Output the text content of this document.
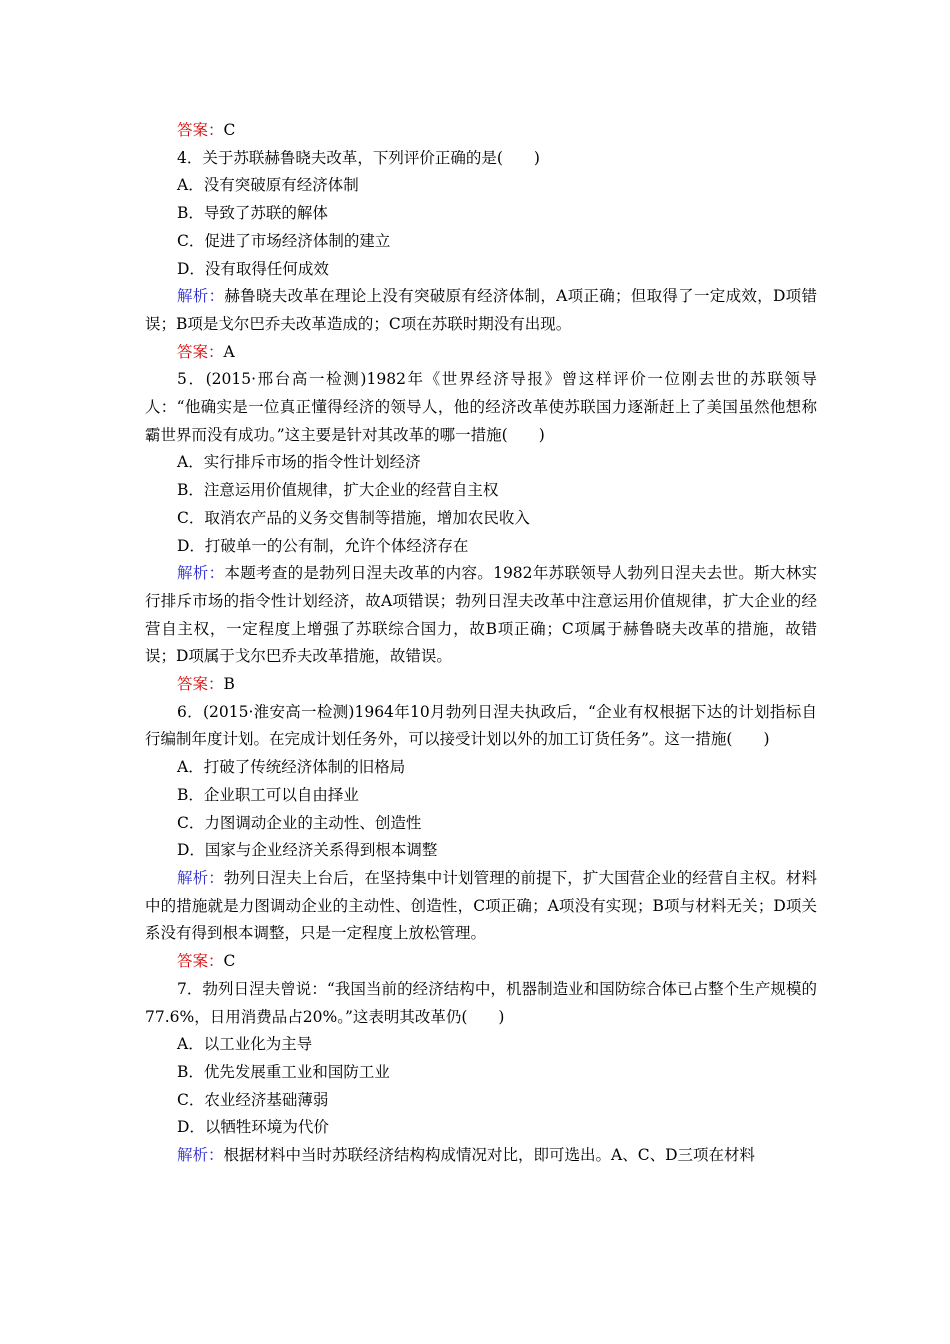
答案：C
4．关于苏联赫鲁晓夫改革，下列评价正确的是(　　)
A．没有突破原有经济体制
B．导致了苏联的解体
C．促进了市场经济体制的建立
D．没有取得任何成效
解析：赫鲁晓夫改革在理论上没有突破原有经济体制，A项正确；但取得了一定成效，D项错误；B项是戈尔巴乔夫改革造成的；C项在苏联时期没有出现。
答案：A
5．(2015·邢台高一检测)1982年《世界经济导报》曾这样评价一位刚去世的苏联领导人：“他确实是一位真正懂得经济的领导人，他的经济改革使苏联国力逐渐赶上了美国虽然他想称霸世界而没有成功。”这主要是针对其改革的哪一措施(　　)
A．实行排斥市场的指令性计划经济
B．注意运用价值规律，扩大企业的经营自主权
C．取消农产品的义务交售制等措施，增加农民收入
D．打破单一的公有制，允许个体经济存在
解析：本题考查的是勃列日涅夫改革的内容。1982年苏联领导人勃列日涅夫去世。斯大林实行排斥市场的指令性计划经济，故A项错误；勃列日涅夫改革中注意运用价值规律，扩大企业的经营自主权，一定程度上增强了苏联综合国力，故B项正确；C项属于赫鲁晓夫改革的措施，故错误；D项属于戈尔巴乔夫改革措施，故错误。
答案：B
6．(2015·淮安高一检测)1964年10月勃列日涅夫执政后，“企业有权根据下达的计划指标自行编制年度计划。在完成计划任务外，可以接受计划以外的加工订货任务”。这一措施(　　)
A．打破了传统经济体制的旧格局
B．企业职工可以自由择业
C．力图调动企业的主动性、创造性
D．国家与企业经济关系得到根本调整
解析：勃列日涅夫上台后，在坚持集中计划管理的前提下，扩大国营企业的经营自主权。材料中的措施就是力图调动企业的主动性、创造性，C项正确；A项没有实现；B项与材料无关；D项关系没有得到根本调整，只是一定程度上放松管理。
答案：C
7．勃列日涅夫曾说：“我国当前的经济结构中，机器制造业和国防综合体已占整个生产规模的77.6%，日用消费品占20%。”这表明其改革仍(　　)
A．以工业化为主导
B．优先发展重工业和国防工业
C．农业经济基础薄弱
D．以牺牲环境为代价
解析：根据材料中当时苏联经济结构构成情况对比，即可选出。A、C、D三项在材料
